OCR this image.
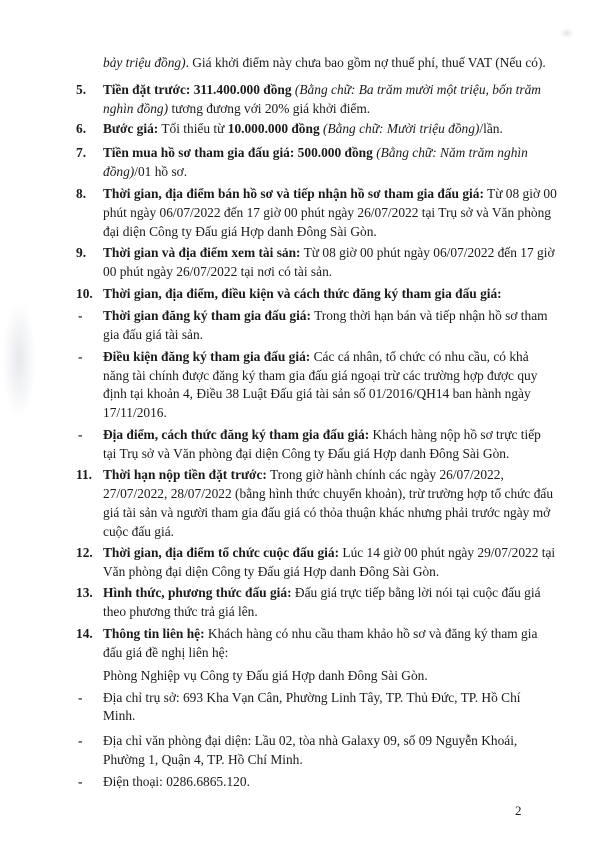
bảy triệu đồng). Giá khởi điểm này chưa bao gồm nợ thuế phí, thuế VAT (Nếu có).
5. Tiền đặt trước: 311.400.000 đồng (Bằng chữ: Ba trăm mười một triệu, bốn trăm
nghìn đồng) tương đương với 20% giá khởi điểm.
6. Bước giá: Tối thiểu từ 10.000.000 đồng (Bằng chữ: Mười triệu đồng)/lần.
7. Tiền mua hồ sơ tham gia đấu giá: 500.000 đồng (Bằng chữ: Năm trăm nghìn
đồng)/01 hồ sơ.
8. Thời gian, địa điểm bán hồ sơ và tiếp nhận hồ sơ tham gia đấu giá: Từ 08 giờ 00
phút ngày 06/07/2022 đến 17 giờ 00 phút ngày 26/07/2022 tại Trụ sở và Văn phòng
đại diện Công ty Đấu giá Hợp danh Đông Sài Gòn.
9. Thời gian và địa điểm xem tài sản: Từ 08 giờ 00 phút ngày 06/07/2022 đến 17 giờ
00 phút ngày 26/07/2022 tại nơi có tài sản.
10. Thời gian, địa điểm, điều kiện và cách thức đăng ký tham gia đấu giá:
- Thời gian đăng ký tham gia đấu giá: Trong thời hạn bán và tiếp nhận hồ sơ tham
gia đấu giá tài sản.
- Điều kiện đăng ký tham gia đấu giá: Các cá nhân, tổ chức có nhu cầu, có khả
năng tài chính được đăng ký tham gia đấu giá ngoại trừ các trường hợp được quy
định tại khoản 4, Điều 38 Luật Đấu giá tài sản số 01/2016/QH14 ban hành ngày
17/11/2016.
- Địa điểm, cách thức đăng ký tham gia đấu giá: Khách hàng nộp hồ sơ trực tiếp
tại Trụ sở và Văn phòng đại diện Công ty Đấu giá Hợp danh Đông Sài Gòn.
11. Thời hạn nộp tiền đặt trước: Trong giờ hành chính các ngày 26/07/2022,
27/07/2022, 28/07/2022 (bằng hình thức chuyển khoản), trừ trường hợp tổ chức đấu
giá tài sản và người tham gia đấu giá có thỏa thuận khác nhưng phải trước ngày mở
cuộc đấu giá.
12. Thời gian, địa điểm tổ chức cuộc đấu giá: Lúc 14 giờ 00 phút ngày 29/07/2022 tại
Văn phòng đại diện Công ty Đấu giá Hợp danh Đông Sài Gòn.
13. Hình thức, phương thức đấu giá: Đấu giá trực tiếp bằng lời nói tại cuộc đấu giá
theo phương thức trả giá lên.
14. Thông tin liên hệ: Khách hàng có nhu cầu tham khảo hồ sơ và đăng ký tham gia
đấu giá đề nghị liên hệ:
Phòng Nghiệp vụ Công ty Đấu giá Hợp danh Đông Sài Gòn.
- Địa chỉ trụ sở: 693 Kha Vạn Cân, Phường Linh Tây, TP. Thủ Đức, TP. Hồ Chí
Minh.
- Địa chỉ văn phòng đại diện: Lầu 02, tòa nhà Galaxy 09, số 09 Nguyễn Khoái,
Phường 1, Quận 4, TP. Hồ Chí Minh.
- Điện thoại: 0286.6865.120.
2
